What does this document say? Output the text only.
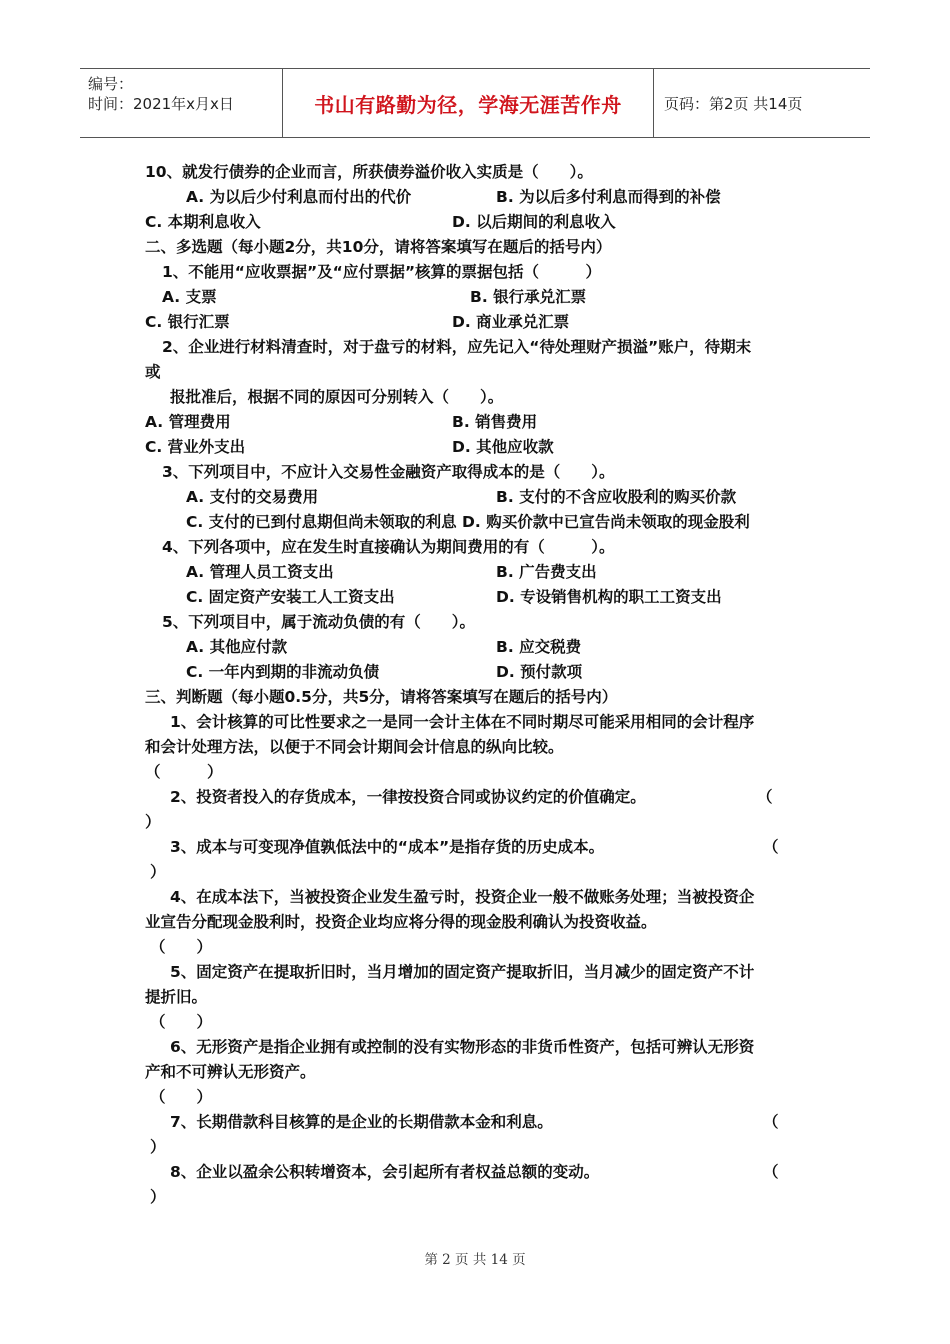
编号：
时间：2021年x月x日	书山有路勤为径，学海无涯苦作舟	页码：第2页 共14页
10、就发行债券的企业而言，所获债券溢价收入实质是（　　）。
A. 为以后少付利息而付出的代价	B. 为以后多付利息而得到的补偿
C. 本期利息收入	D. 以后期间的利息收入
二、多选题（每小题2分，共10分，请将答案填写在题后的括号内）
1、不能用“应收票据”及“应付票据”核算的票据包括（　　　）
A. 支票	B. 银行承兑汇票
C. 银行汇票	D. 商业承兑汇票
2、企业进行材料清查时，对于盘亏的材料，应先记入“待处理财产损溢”账户，待期末
或
报批准后，根据不同的原因可分别转入（　　）。
A. 管理费用	B. 销售费用
C. 营业外支出	D. 其他应收款
3、下列项目中，不应计入交易性金融资产取得成本的是（　　）。
A. 支付的交易费用	B. 支付的不含应收股利的购买价款
C. 支付的已到付息期但尚未领取的利息 D. 购买价款中已宣告尚未领取的现金股利
4、下列各项中，应在发生时直接确认为期间费用的有（　　　）。
A. 管理人员工资支出	B. 广告费支出
C. 固定资产安装工人工资支出	D. 专设销售机构的职工工资支出
5、下列项目中，属于流动负债的有（　　）。
A. 其他应付款	B. 应交税费
C. 一年内到期的非流动负债	D. 预付款项
三、判断题（每小题0.5分，共5分，请将答案填写在题后的括号内）
1、会计核算的可比性要求之一是同一会计主体在不同时期尽可能采用相同的会计程序
和会计处理方法，以便于不同会计期间会计信息的纵向比较。
（　　　）
2、投资者投入的存货成本，一律按投资合同或协议约定的价值确定。	（
）
3、成本与可变现净值孰低法中的“成本”是指存货的历史成本。	（
）
4、在成本法下，当被投资企业发生盈亏时，投资企业一般不做账务处理；当被投资企
业宣告分配现金股利时，投资企业均应将分得的现金股利确认为投资收益。
（　　）
5、固定资产在提取折旧时，当月增加的固定资产提取折旧，当月减少的固定资产不计
提折旧。
（　　）
6、无形资产是指企业拥有或控制的没有实物形态的非货币性资产，包括可辨认无形资
产和不可辨认无形资产。
（　　）
7、长期借款科目核算的是企业的长期借款本金和利息。	（
）
8、企业以盈余公积转增资本，会引起所有者权益总额的变动。	（
）
第 2 页 共 14 页
